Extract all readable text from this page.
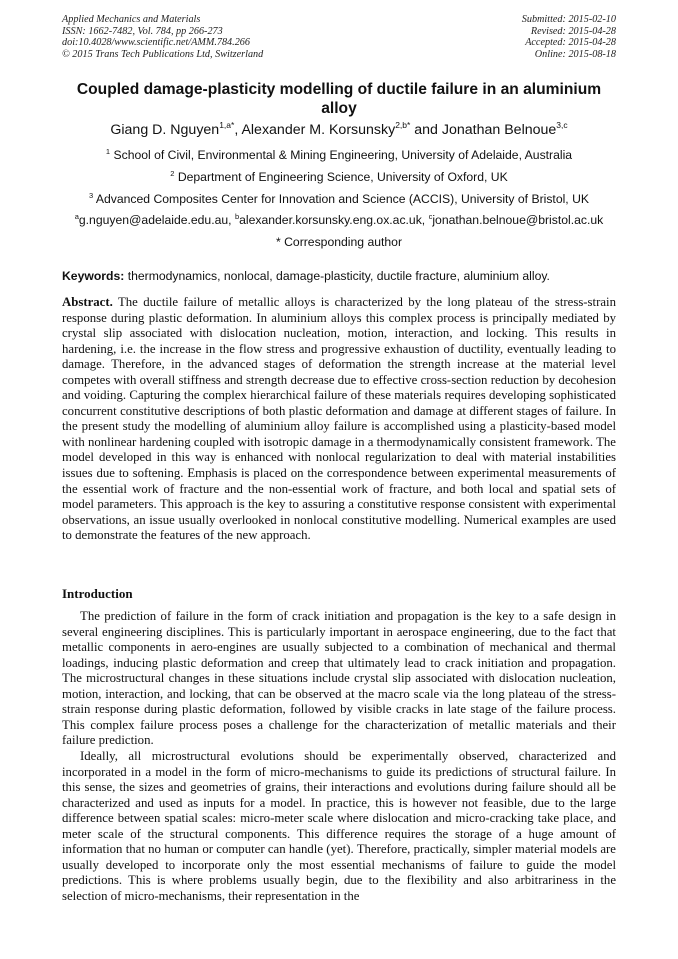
Applied Mechanics and Materials
ISSN: 1662-7482, Vol. 784, pp 266-273
doi:10.4028/www.scientific.net/AMM.784.266
© 2015 Trans Tech Publications Ltd, Switzerland
Submitted: 2015-02-10
Revised: 2015-04-28
Accepted: 2015-04-28
Online: 2015-08-18
Coupled damage-plasticity modelling of ductile failure in an aluminium alloy
Giang D. Nguyen$^{1,a*}$, Alexander M. Korsunsky$^{2,b*}$ and Jonathan Belnoue$^{3,c}$
$^1$ School of Civil, Environmental & Mining Engineering, University of Adelaide, Australia
$^2$ Department of Engineering Science, University of Oxford, UK
$^3$ Advanced Composites Center for Innovation and Science (ACCIS), University of Bristol, UK
$^a$g.nguyen@adelaide.edu.au, $^b$alexander.korsunsky.eng.ox.ac.uk, $^c$jonathan.belnoue@bristol.ac.uk
* Corresponding author
Keywords: thermodynamics, nonlocal, damage-plasticity, ductile fracture, aluminium alloy.
Abstract. The ductile failure of metallic alloys is characterized by the long plateau of the stress-strain response during plastic deformation. In aluminium alloys this complex process is principally mediated by crystal slip associated with dislocation nucleation, motion, interaction, and locking. This results in hardening, i.e. the increase in the flow stress and progressive exhaustion of ductility, eventually leading to damage. Therefore, in the advanced stages of deformation the strength increase at the material level competes with overall stiffness and strength decrease due to effective cross-section reduction by decohesion and voiding. Capturing the complex hierarchical failure of these materials requires developing sophisticated concurrent constitutive descriptions of both plastic deformation and damage at different stages of failure. In the present study the modelling of aluminium alloy failure is accomplished using a plasticity-based model with nonlinear hardening coupled with isotropic damage in a thermodynamically consistent framework. The model developed in this way is enhanced with nonlocal regularization to deal with material instabilities issues due to softening. Emphasis is placed on the correspondence between experimental measurements of the essential work of fracture and the non-essential work of fracture, and both local and spatial sets of model parameters. This approach is the key to assuring a constitutive response consistent with experimental observations, an issue usually overlooked in nonlocal constitutive modelling. Numerical examples are used to demonstrate the features of the new approach.
Introduction
The prediction of failure in the form of crack initiation and propagation is the key to a safe design in several engineering disciplines. This is particularly important in aerospace engineering, due to the fact that metallic components in aero-engines are usually subjected to a combination of mechanical and thermal loadings, inducing plastic deformation and creep that ultimately lead to crack initiation and propagation. The microstructural changes in these situations include crystal slip associated with dislocation nucleation, motion, interaction, and locking, that can be observed at the macro scale via the long plateau of the stress-strain response during plastic deformation, followed by visible cracks in late stage of the failure process. This complex failure process poses a challenge for the characterization of metallic materials and their failure prediction.
Ideally, all microstructural evolutions should be experimentally observed, characterized and incorporated in a model in the form of micro-mechanisms to guide its predictions of structural failure. In this sense, the sizes and geometries of grains, their interactions and evolutions during failure should all be characterized and used as inputs for a model. In practice, this is however not feasible, due to the large difference between spatial scales: micro-meter scale where dislocation and micro-cracking take place, and meter scale of the structural components. This difference requires the storage of a huge amount of information that no human or computer can handle (yet). Therefore, practically, simpler material models are usually developed to incorporate only the most essential mechanisms of failure to guide the model predictions. This is where problems usually begin, due to the flexibility and also arbitrariness in the selection of micro-mechanisms, their representation in the
